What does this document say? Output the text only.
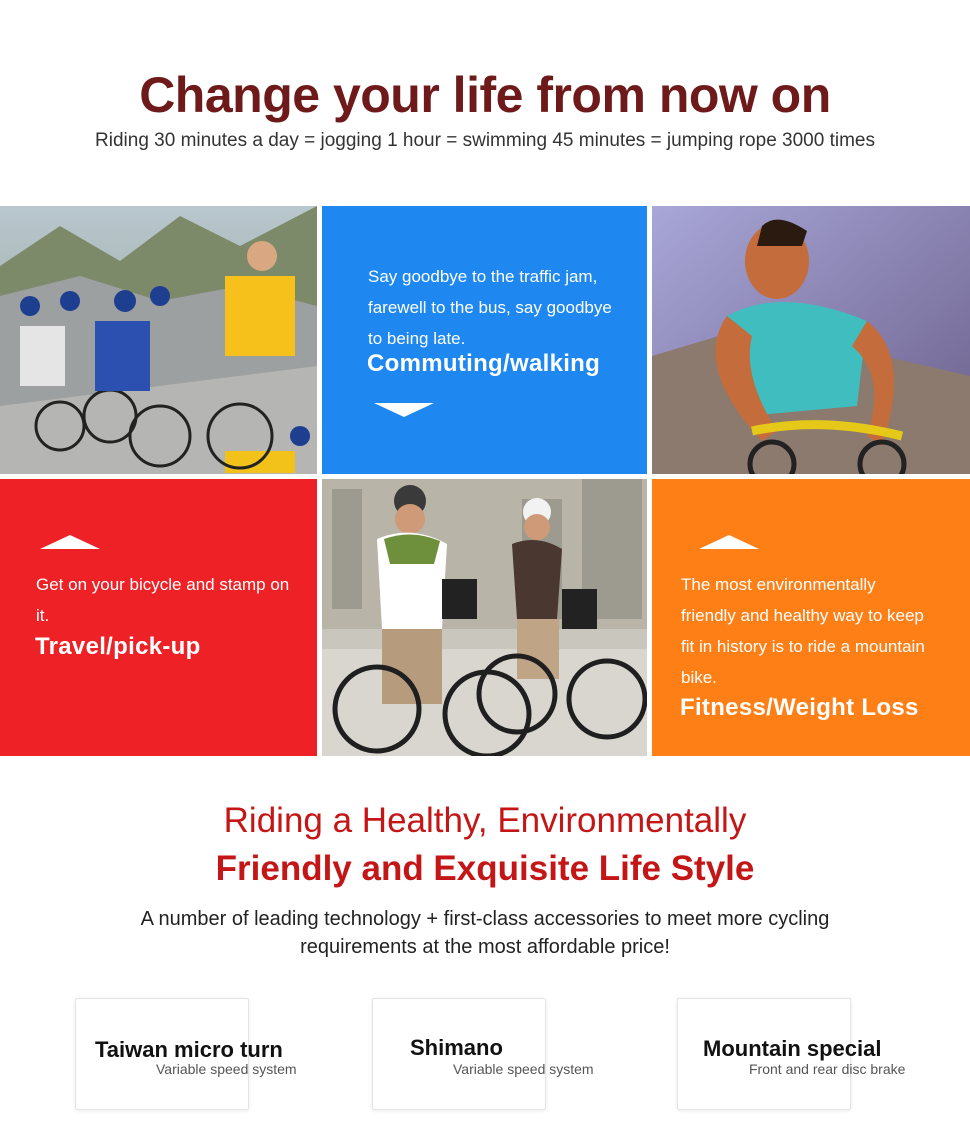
Change your life from now on
Riding 30 minutes a day = jogging 1 hour = swimming 45 minutes = jumping rope 3000 times
Say goodbye to the traffic jam, farewell to the bus, say goodbye to being late.
Commuting/walking
Get on your bicycle and stamp on it.
Travel/pick-up
The most environmentally friendly and healthy way to keep fit in history is to ride a mountain bike.
Fitness/Weight Loss
Riding a Healthy, Environmentally
Friendly and Exquisite Life Style
A number of leading technology + first-class accessories to meet more cycling requirements at the most affordable price!
Taiwan micro turn
Variable speed system
Shimano
Variable speed system
Mountain special
Front and rear disc brake
